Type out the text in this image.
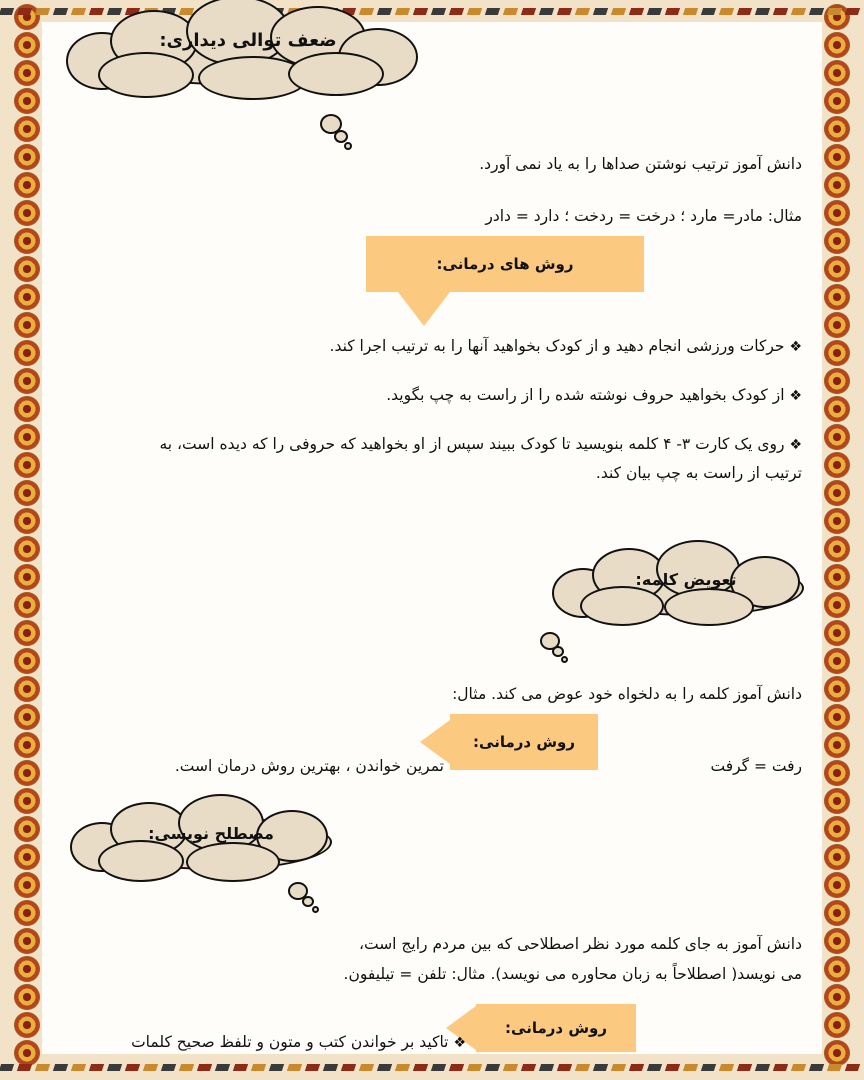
ضعف توالی دیداری:

دانش آموز ترتیب نوشتن صداها را به یاد نمی آورد.

مثال: مادر= مارد ؛ درخت = ردخت ؛ دارد = دادر

روش های درمانی:
❖ حرکات ورزشی انجام دهید و از کودک بخواهید آنها را به ترتیب اجرا کند.
❖ از کودک بخواهید حروف نوشته شده را از راست به چپ بگوید.
❖ روی یک کارت ۳- ۴ کلمه بنویسید تا کودک ببیند سپس از او بخواهید که حروفی را که دیده است، به ترتیب از راست به چپ بیان کند.
تعویض کلمه:

دانش آموز کلمه را به دلخواه خود عوض می کند. مثال:

رفت = گرفت

روش درمانی:

تمرین خواندن ، بهترین روش درمان است.

مصطلح نویسی:

دانش آموز به جای کلمه مورد نظر اصطلاحی که بین مردم رایج است،

می نویسد( اصطلاحاً به زبان محاوره می نویسد). مثال: تلفن = تیلیفون.

روش درمانی:

❖ تاکید بر خواندن کتب و متون و تلفظ صحیح کلمات
